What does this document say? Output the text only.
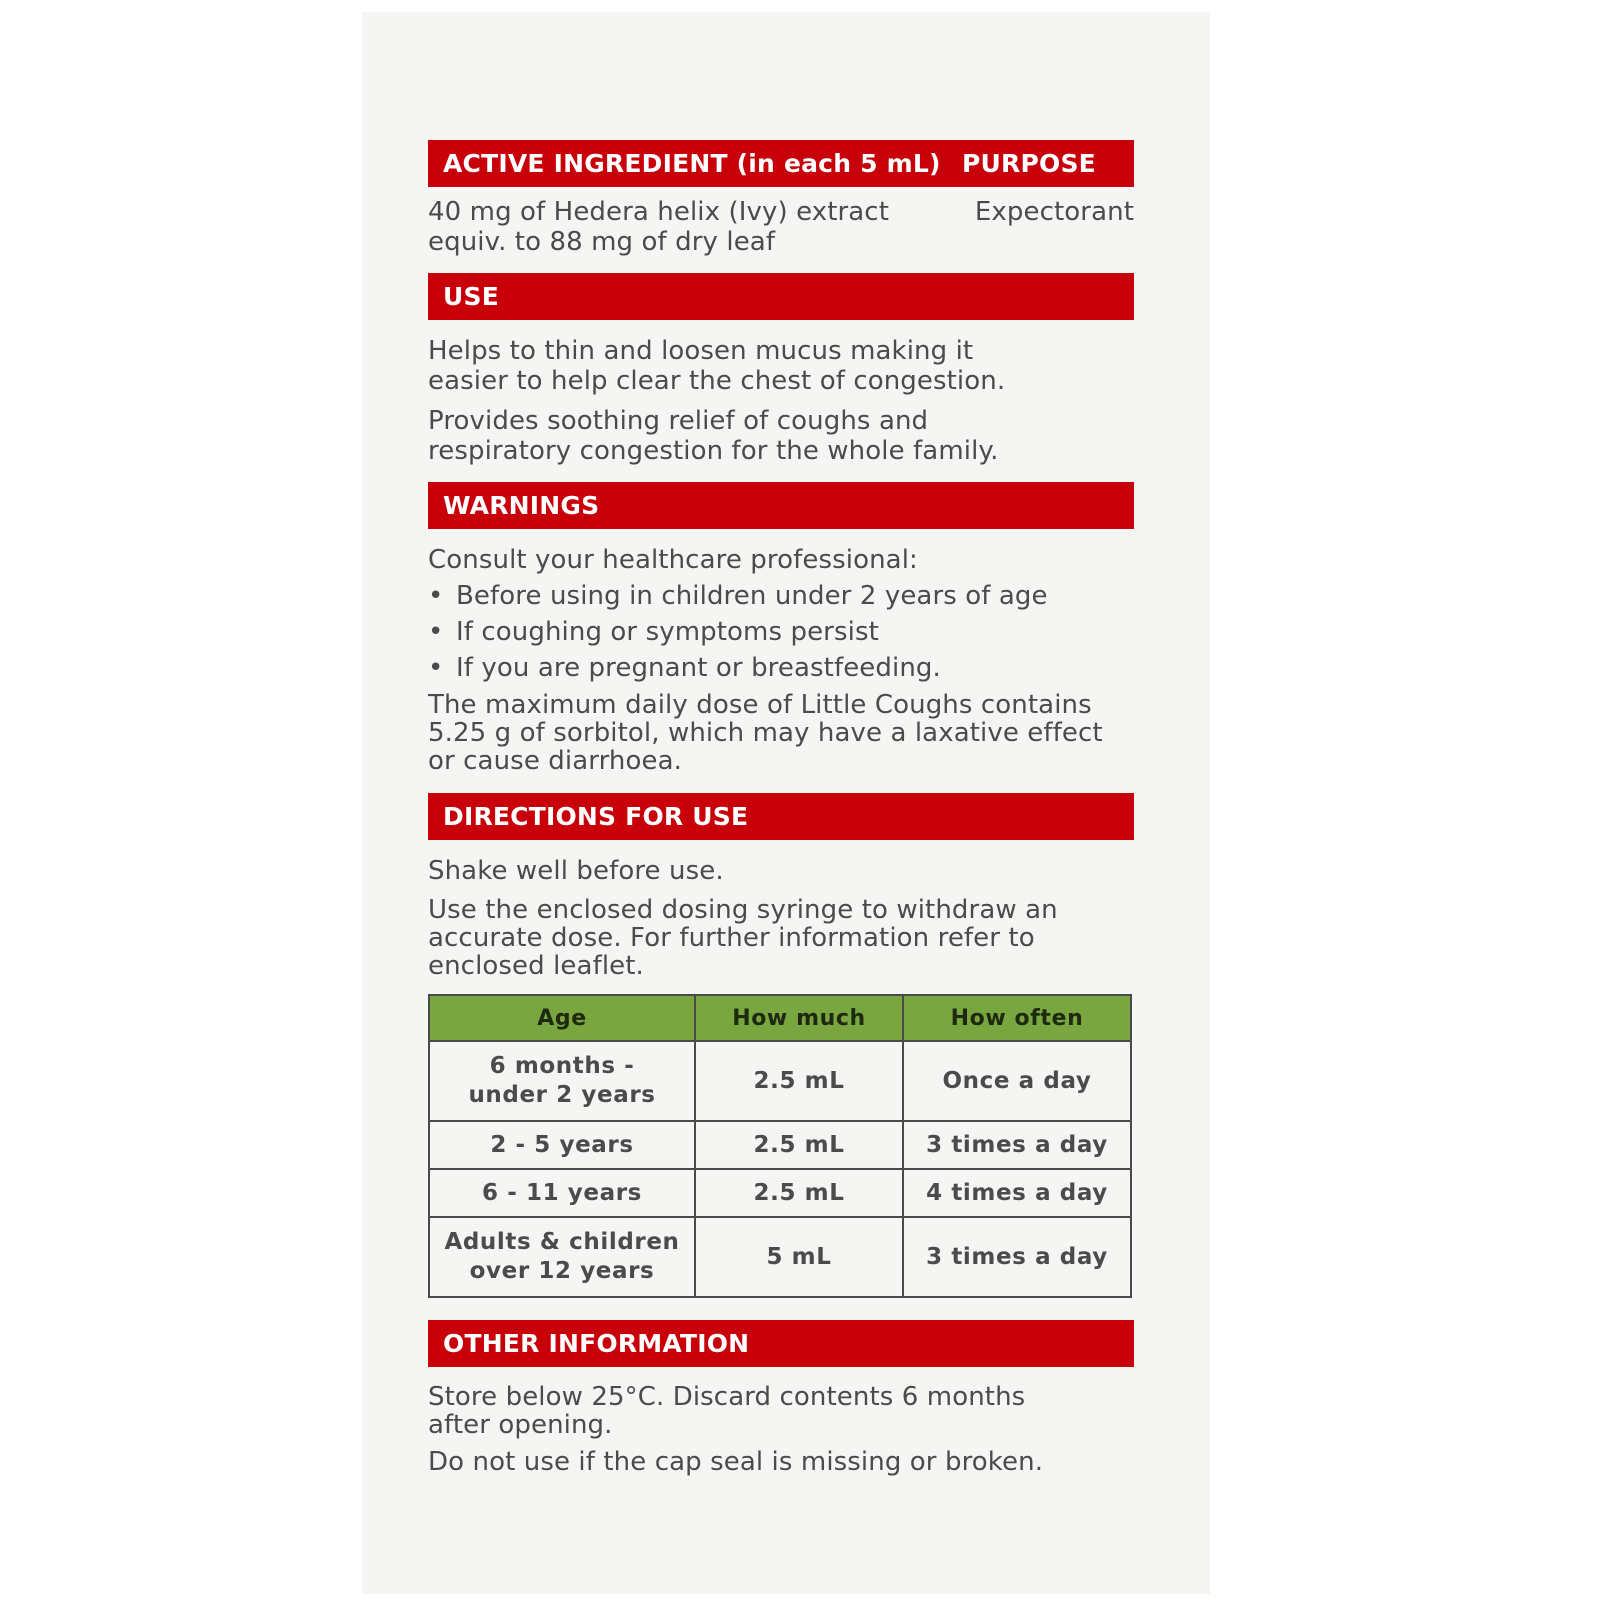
ACTIVE INGREDIENT (in each 5 mL) PURPOSE
40 mg of Hedera helix (Ivy) extract
equiv. to 88 mg of dry leaf
Expectorant
USE
Helps to thin and loosen mucus making it
easier to help clear the chest of congestion.
Provides soothing relief of coughs and
respiratory congestion for the whole family.
WARNINGS
Consult your healthcare professional:
• Before using in children under 2 years of age
• If coughing or symptoms persist
• If you are pregnant or breastfeeding.
The maximum daily dose of Little Coughs contains
5.25 g of sorbitol, which may have a laxative effect
or cause diarrhoea.
DIRECTIONS FOR USE
Shake well before use.
Use the enclosed dosing syringe to withdraw an
accurate dose. For further information refer to
enclosed leaflet.
Age	How much	How often

6 months -
under 2 years	2.5 mL	Once a day
2 - 5 years	2.5 mL	3 times a day
6 - 11 years	2.5 mL	4 times a day

Adults & children
over 12 years	5 mL	3 times a day
OTHER INFORMATION
Store below 25°C. Discard contents 6 months
after opening.
Do not use if the cap seal is missing or broken.
